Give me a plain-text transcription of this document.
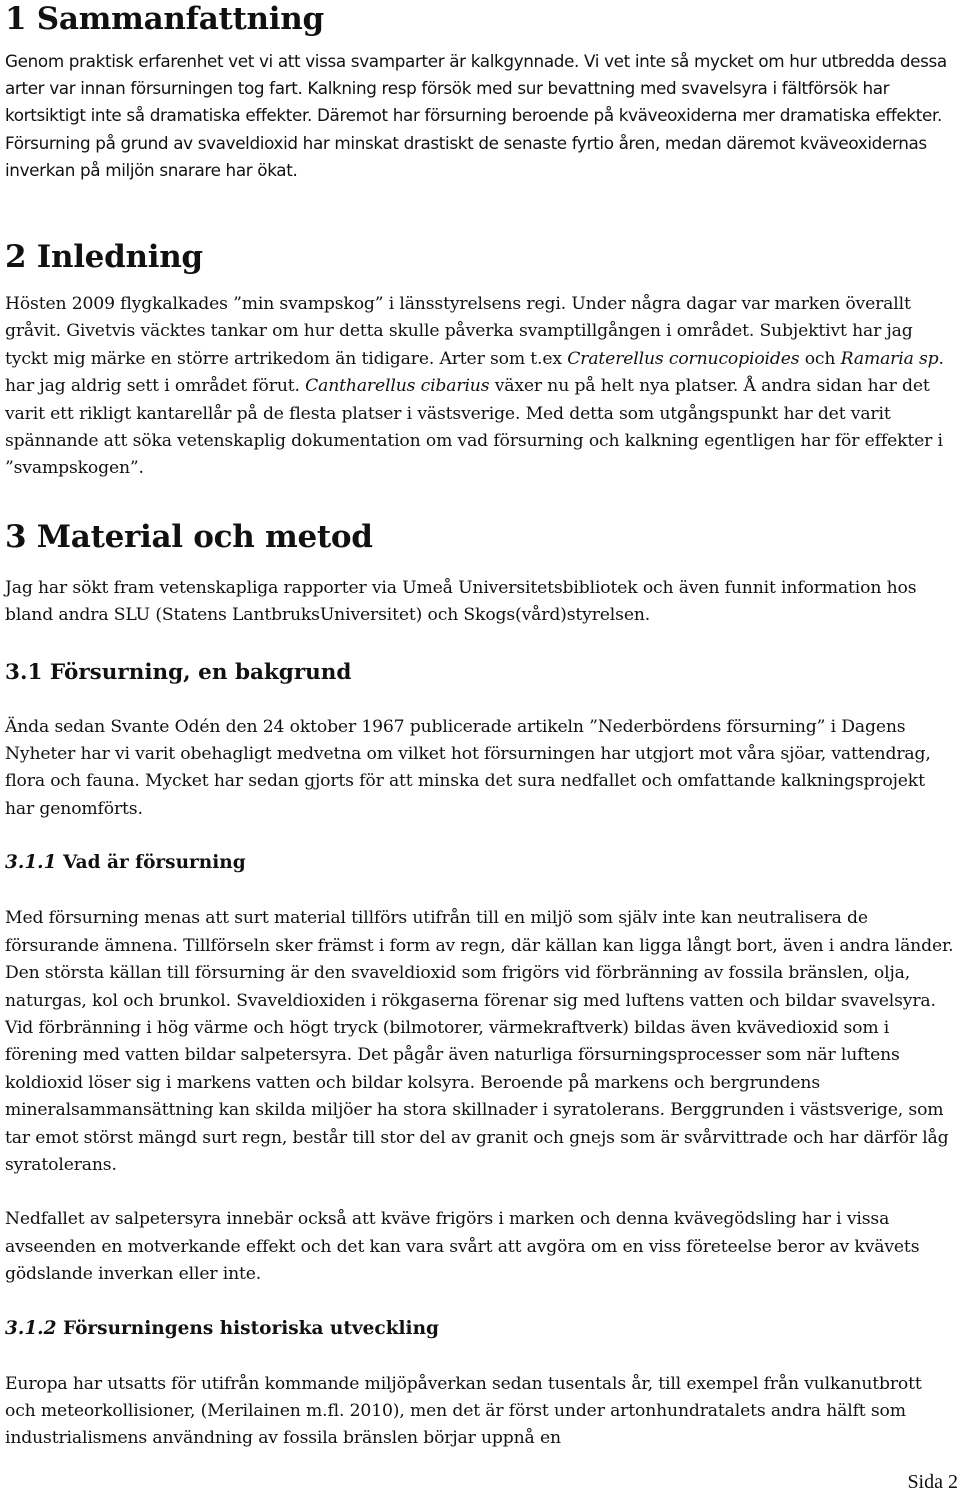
1 Sammanfattning

Genom praktisk erfarenhet vet vi att vissa svamparter är kalkgynnade. Vi vet inte så mycket om hur utbredda dessa arter var innan försurningen tog fart. Kalkning resp försök med sur bevattning med svavelsyra i fältförsök har kortsiktigt inte så dramatiska effekter. Däremot har försurning beroende på kväveoxiderna mer dramatiska effekter. Försurning på grund av svaveldioxid har minskat drastiskt de senaste fyrtio åren, medan däremot kväveoxidernas inverkan på miljön snarare har ökat.

2 Inledning

Hösten 2009 flygkalkades ”min svampskog” i länsstyrelsens regi. Under några dagar var marken överallt gråvit. Givetvis väcktes tankar om hur detta skulle påverka svamptillgången i området. Subjektivt har jag tyckt mig märke en större artrikedom än tidigare. Arter som t.ex Craterellus cornucopioides och Ramaria sp. har jag aldrig sett i området förut. Cantharellus cibarius växer nu på helt nya platser. Å andra sidan har det varit ett rikligt kantarellår på de flesta platser i västsverige. Med detta som utgångspunkt har det varit spännande att söka vetenskaplig dokumentation om vad försurning och kalkning egentligen har för effekter i ”svampskogen”.

3 Material och metod

Jag har sökt fram vetenskapliga rapporter via Umeå Universitetsbibliotek och även funnit information hos bland andra SLU (Statens LantbruksUniversitet) och Skogs(vård)styrelsen.

3.1 Försurning, en bakgrund

Ända sedan Svante Odén den 24 oktober 1967 publicerade artikeln ”Nederbördens försurning” i Dagens Nyheter har vi varit obehagligt medvetna om vilket hot försurningen har utgjort mot våra sjöar, vattendrag, flora och fauna. Mycket har sedan gjorts för att minska det sura nedfallet och omfattande kalkningsprojekt har genomförts.

3.1.1 Vad är försurning

Med försurning menas att surt material tillförs utifrån till en miljö som själv inte kan neutralisera de försurande ämnena. Tillförseln sker främst i form av regn, där källan kan ligga långt bort, även i andra länder. Den största källan till försurning är den svaveldioxid som frigörs vid förbränning av fossila bränslen, olja, naturgas, kol och brunkol. Svaveldioxiden i rökgaserna förenar sig med luftens vatten och bildar svavelsyra. Vid förbränning i hög värme och högt tryck (bilmotorer, värmekraftverk) bildas även kvävedioxid som i förening med vatten bildar salpetersyra. Det pågår även naturliga försurningsprocesser som när luftens koldioxid löser sig i markens vatten och bildar kolsyra. Beroende på markens och bergrundens mineralsammansättning kan skilda miljöer ha stora skillnader i syratolerans. Berggrunden i västsverige, som tar emot störst mängd surt regn, består till stor del av granit och gnejs som är svårvittrade och har därför låg syratolerans.

Nedfallet av salpetersyra innebär också att kväve frigörs i marken och denna kvävegödsling har i vissa avseenden en motverkande effekt och det kan vara svårt att avgöra om en viss företeelse beror av kvävets gödslande inverkan eller inte.

3.1.2 Försurningens historiska utveckling

Europa har utsatts för utifrån kommande miljöpåverkan sedan tusentals år, till exempel från vulkanutbrott och meteorkollisioner, (Merilainen m.fl. 2010), men det är först under artonhundratalets andra hälft som industrialismens användning av fossila bränslen börjar uppnå en

Sida 2
